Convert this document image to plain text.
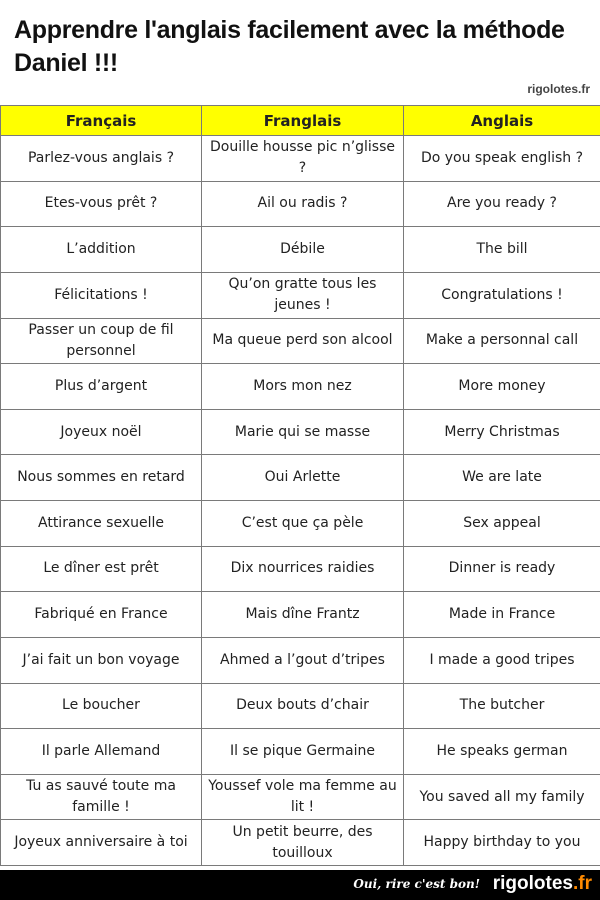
Apprendre l'anglais facilement avec la méthode Daniel !!!
rigolotes.fr
Français	Franglais	Anglais
Parlez-vous anglais ?	Douille housse pic n’glisse ?	Do you speak english ?
Etes-vous prêt ?	Ail ou radis ?	Are you ready ?
L’addition	Débile	The bill
Félicitations !	Qu’on gratte tous les jeunes !	Congratulations !
Passer un coup de fil personnel	Ma queue perd son alcool	Make a personnal call
Plus d’argent	Mors mon nez	More money
Joyeux noël	Marie qui se masse	Merry Christmas
Nous sommes en retard	Oui Arlette	We are late
Attirance sexuelle	C’est que ça pèle	Sex appeal
Le dîner est prêt	Dix nourrices raidies	Dinner is ready
Fabriqué en France	Mais dîne Frantz	Made in France
J’ai fait un bon voyage	Ahmed a l’gout d’tripes	I made a good tripes
Le boucher	Deux bouts d’chair	The butcher
Il parle Allemand	Il se pique Germaine	He speaks german
Tu as sauvé toute ma famille !	Youssef vole ma femme au lit !	You saved all my family
Joyeux anniversaire à toi	Un petit beurre, des touilloux	Happy birthday to you
Oui, rire c'est bon! rigolotes.fr
